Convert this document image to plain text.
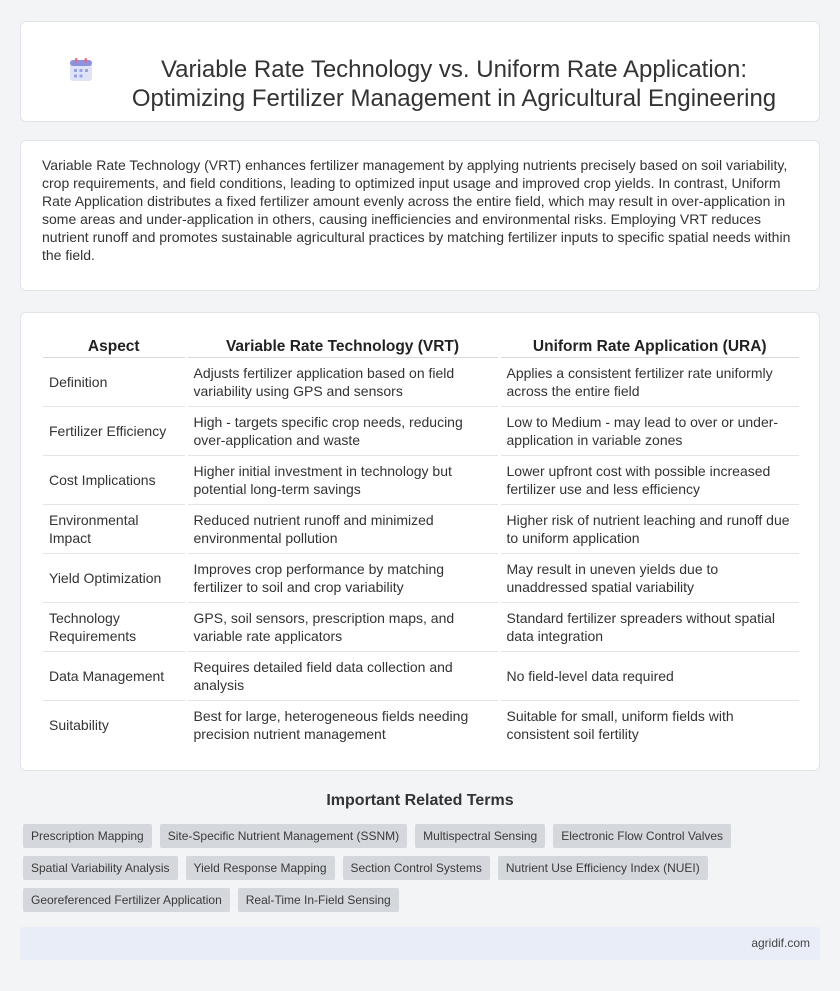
Variable Rate Technology vs. Uniform Rate Application: Optimizing Fertilizer Management in Agricultural Engineering

Variable Rate Technology (VRT) enhances fertilizer management by applying nutrients precisely based on soil variability, crop requirements, and field conditions, leading to optimized input usage and improved crop yields. In contrast, Uniform Rate Application distributes a fixed fertilizer amount evenly across the entire field, which may result in over-application in some areas and under-application in others, causing inefficiencies and environmental risks. Employing VRT reduces nutrient runoff and promotes sustainable agricultural practices by matching fertilizer inputs to specific spatial needs within the field.

Aspect	Variable Rate Technology (VRT)	Uniform Rate Application (URA)
Definition	Adjusts fertilizer application based on field variability using GPS and sensors	Applies a consistent fertilizer rate uniformly across the entire field
Fertilizer Efficiency	High - targets specific crop needs, reducing over-application and waste	Low to Medium - may lead to over or under-application in variable zones
Cost Implications	Higher initial investment in technology but potential long-term savings	Lower upfront cost with possible increased fertilizer use and less efficiency
Environmental Impact	Reduced nutrient runoff and minimized environmental pollution	Higher risk of nutrient leaching and runoff due to uniform application
Yield Optimization	Improves crop performance by matching fertilizer to soil and crop variability	May result in uneven yields due to unaddressed spatial variability
Technology Requirements	GPS, soil sensors, prescription maps, and variable rate applicators	Standard fertilizer spreaders without spatial data integration
Data Management	Requires detailed field data collection and analysis	No field-level data required
Suitability	Best for large, heterogeneous fields needing precision nutrient management	Suitable for small, uniform fields with consistent soil fertility
Important Related Terms
Prescription Mapping	Site-Specific Nutrient Management (SSNM)	Multispectral Sensing	Electronic Flow Control Valves
Spatial Variability Analysis	Yield Response Mapping	Section Control Systems	Nutrient Use Efficiency Index (NUEI)
Georeferenced Fertilizer Application	Real-Time In-Field Sensing
agridif.com
